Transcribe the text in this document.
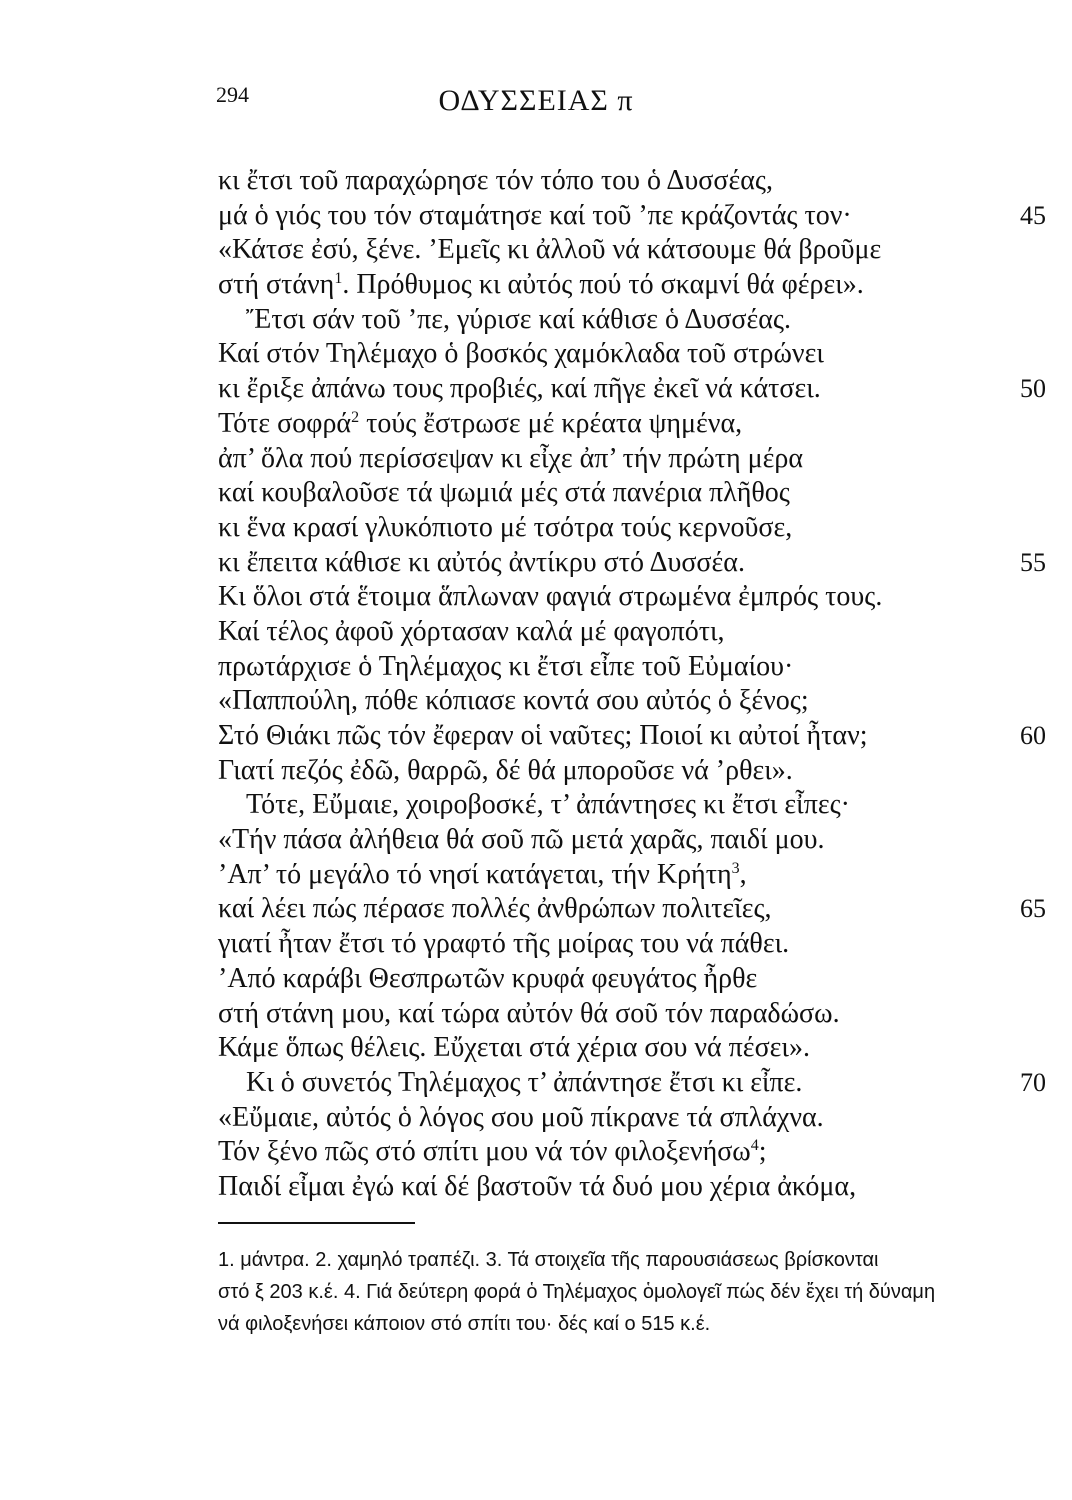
294	ΟΔΥΣΣΕΙΑΣ π
κι ἔτσι τοῦ παραχώρησε τόν τόπο του ὁ Δυσσέας,
μά ὁ γιός του τόν σταμάτησε καί τοῦ ’πε κράζοντάς τον·	45
«Κάτσε ἐσύ, ξένε. ’Εμεῖς κι ἀλλοῦ νά κάτσουμε θά βροῦμε
στή στάνη$^1$. Πρόθυμος κι αὐτός πού τό σκαμνί θά φέρει».
Ἔτσι σάν τοῦ ’πε, γύρισε καί κάθισε ὁ Δυσσέας.
Καί στόν Τηλέμαχο ὁ βοσκός χαμόκλαδα τοῦ στρώνει
κι ἔριξε ἀπάνω τους προβιές, καί πῆγε ἐκεῖ νά κάτσει.	50
Τότε σοφρά$^2$ τούς ἔστρωσε μέ κρέατα ψημένα,
ἀπ’ ὅλα πού περίσσεψαν κι εἶχε ἀπ’ τήν πρώτη μέρα
καί κουβαλοῦσε τά ψωμιά μές στά πανέρια πλῆθος
κι ἕνα κρασί γλυκόπιοτο μέ τσότρα τούς κερνοῦσε,
κι ἔπειτα κάθισε κι αὐτός ἀντίκρυ στό Δυσσέα.	55
Κι ὅλοι στά ἕτοιμα ἅπλωναν φαγιά στρωμένα ἐμπρός τους.
Καί τέλος ἀφοῦ χόρτασαν καλά μέ φαγοπότι,
πρωτάρχισε ὁ Τηλέμαχος κι ἔτσι εἶπε τοῦ Εὐμαίου·
«Παππούλη, πόθε κόπιασε κοντά σου αὐτός ὁ ξένος;
Στό Θιάκι πῶς τόν ἔφεραν οἱ ναῦτες; Ποιοί κι αὐτοί ἦταν;	60
Γιατί πεζός ἐδῶ, θαρρῶ, δέ θά μποροῦσε νά ’ρθει».
Τότε, Εὔμαιε, χοιροβοσκέ, τ’ ἀπάντησες κι ἔτσι εἶπες·
«Τήν πάσα ἀλήθεια θά σοῦ πῶ μετά χαρᾶς, παιδί μου.
’Απ’ τό μεγάλο τό νησί κατάγεται, τήν Κρήτη$^3$,
καί λέει πώς πέρασε πολλές ἀνθρώπων πολιτεῖες,	65
γιατί ἦταν ἔτσι τό γραφτό τῆς μοίρας του νά πάθει.
’Από καράβι Θεσπρωτῶν κρυφά φευγάτος ἦρθε
στή στάνη μου, καί τώρα αὐτόν θά σοῦ τόν παραδώσω.
Κάμε ὅπως θέλεις. Εὔχεται στά χέρια σου νά πέσει».
Κι ὁ συνετός Τηλέμαχος τ’ ἀπάντησε ἔτσι κι εἶπε.	70
«Εὔμαιε, αὐτός ὁ λόγος σου μοῦ πίκρανε τά σπλάχνα.
Τόν ξένο πῶς στό σπίτι μου νά τόν φιλοξενήσω$^4$;
Παιδί εἶμαι ἐγώ καί δέ βαστοῦν τά δυό μου χέρια ἀκόμα,
1. μάντρα. 2. χαμηλό τραπέζι. 3. Τά στοιχεῖα τῆς παρουσιάσεως βρίσκονται
στό ξ 203 κ.έ. 4. Γιά δεύτερη φορά ὁ Τηλέμαχος ὁμολογεῖ πώς δέν ἔχει τή δύναμη
νά φιλοξενήσει κάποιον στό σπίτι του· δές καί ο 515 κ.έ.
